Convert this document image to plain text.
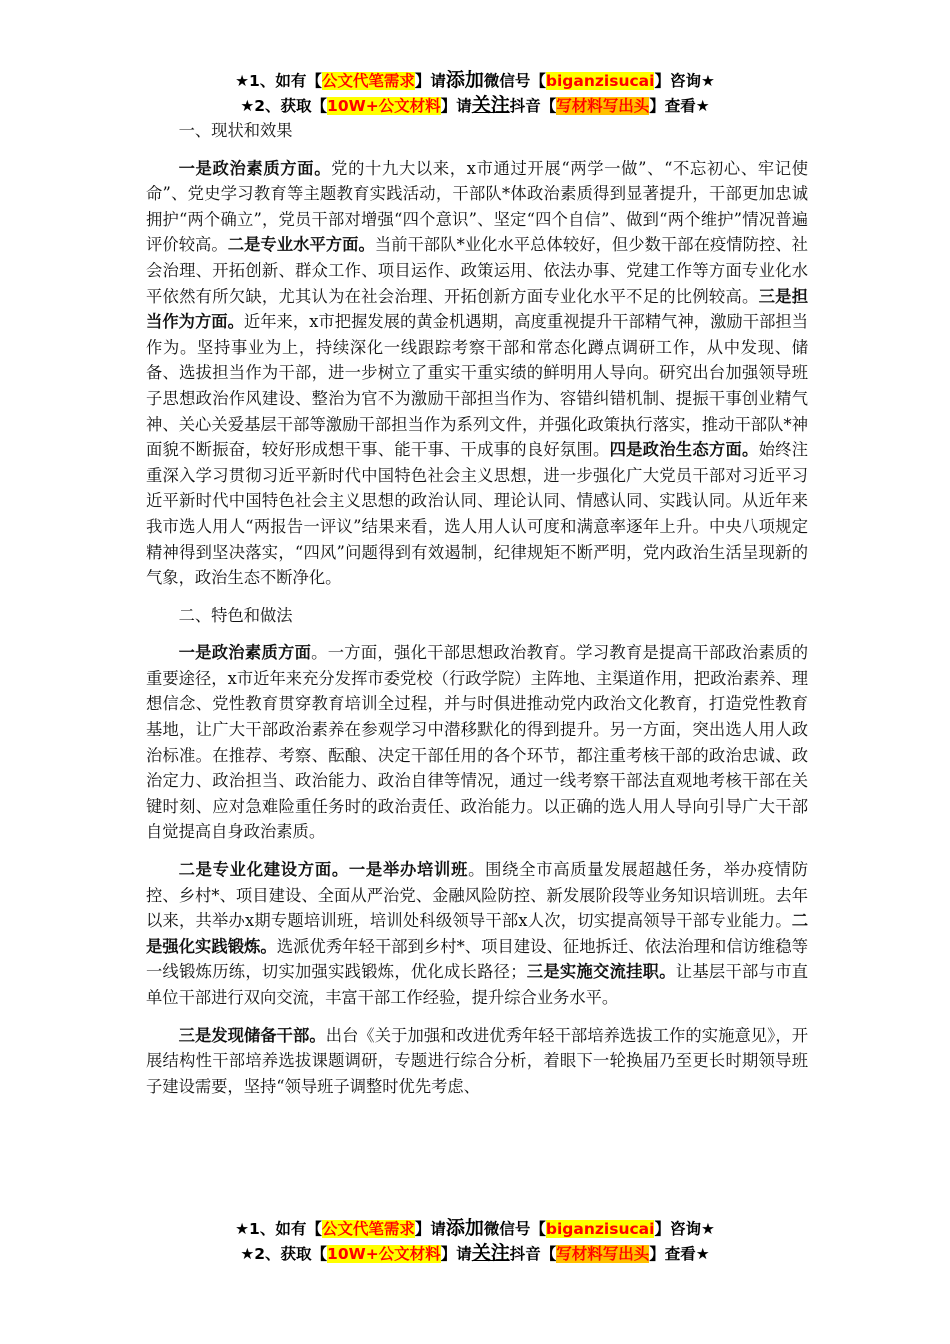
★1、如有【公文代笔需求】请添加微信号【biganzisucai】咨询★
★2、获取【10W+公文材料】请关注抖音【写材料写出头】查看★
一、现状和效果

一是政治素质方面。党的十九大以来，x市通过开展“两学一做”、“不忘初心、牢记使命”、党史学习教育等主题教育实践活动，干部队*体政治素质得到显著提升，干部更加忠诚拥护“两个确立”，党员干部对增强“四个意识”、坚定“四个自信”、做到“两个维护”情况普遍评价较高。二是专业水平方面。当前干部队*业化水平总体较好，但少数干部在疫情防控、社会治理、开拓创新、群众工作、项目运作、政策运用、依法办事、党建工作等方面专业化水平依然有所欠缺，尤其认为在社会治理、开拓创新方面专业化水平不足的比例较高。三是担当作为方面。近年来，x市把握发展的黄金机遇期，高度重视提升干部精气神，激励干部担当作为。坚持事业为上，持续深化一线跟踪考察干部和常态化蹲点调研工作，从中发现、储备、选拔担当作为干部，进一步树立了重实干重实绩的鲜明用人导向。研究出台加强领导班子思想政治作风建设、整治为官不为激励干部担当作为、容错纠错机制、提振干事创业精气神、关心关爱基层干部等激励干部担当作为系列文件，并强化政策执行落实，推动干部队*神面貌不断振奋，较好形成想干事、能干事、干成事的良好氛围。四是政治生态方面。始终注重深入学习贯彻习近平新时代中国特色社会主义思想，进一步强化广大党员干部对习近平习近平新时代中国特色社会主义思想的政治认同、理论认同、情感认同、实践认同。从近年来我市选人用人“两报告一评议”结果来看，选人用人认可度和满意率逐年上升。中央八项规定精神得到坚决落实，“四风”问题得到有效遏制，纪律规矩不断严明，党内政治生活呈现新的气象，政治生态不断净化。

二、特色和做法

一是政治素质方面。一方面，强化干部思想政治教育。学习教育是提高干部政治素质的重要途径，x市近年来充分发挥市委党校（行政学院）主阵地、主渠道作用，把政治素养、理想信念、党性教育贯穿教育培训全过程，并与时俱进推动党内政治文化教育，打造党性教育基地，让广大干部政治素养在参观学习中潜移默化的得到提升。另一方面，突出选人用人政治标准。在推荐、考察、酝酿、决定干部任用的各个环节，都注重考核干部的政治忠诚、政治定力、政治担当、政治能力、政治自律等情况，通过一线考察干部法直观地考核干部在关键时刻、应对急难险重任务时的政治责任、政治能力。以正确的选人用人导向引导广大干部自觉提高自身政治素质。

二是专业化建设方面。一是举办培训班。围绕全市高质量发展超越任务，举办疫情防控、乡村*、项目建设、全面从严治党、金融风险防控、新发展阶段等业务知识培训班。去年以来，共举办x期专题培训班，培训处科级领导干部x人次，切实提高领导干部专业能力。二是强化实践锻炼。选派优秀年轻干部到乡村*、项目建设、征地拆迁、依法治理和信访维稳等一线锻炼历练，切实加强实践锻炼，优化成长路径；三是实施交流挂职。让基层干部与市直单位干部进行双向交流，丰富干部工作经验，提升综合业务水平。

三是发现储备干部。出台《关于加强和改进优秀年轻干部培养选拔工作的实施意见》，开展结构性干部培养选拔课题调研，专题进行综合分析，着眼下一轮换届乃至更长时期领导班子建设需要，坚持“领导班子调整时优先考虑、

★1、如有【公文代笔需求】请添加微信号【biganzisucai】咨询★
★2、获取【10W+公文材料】请关注抖音【写材料写出头】查看★
